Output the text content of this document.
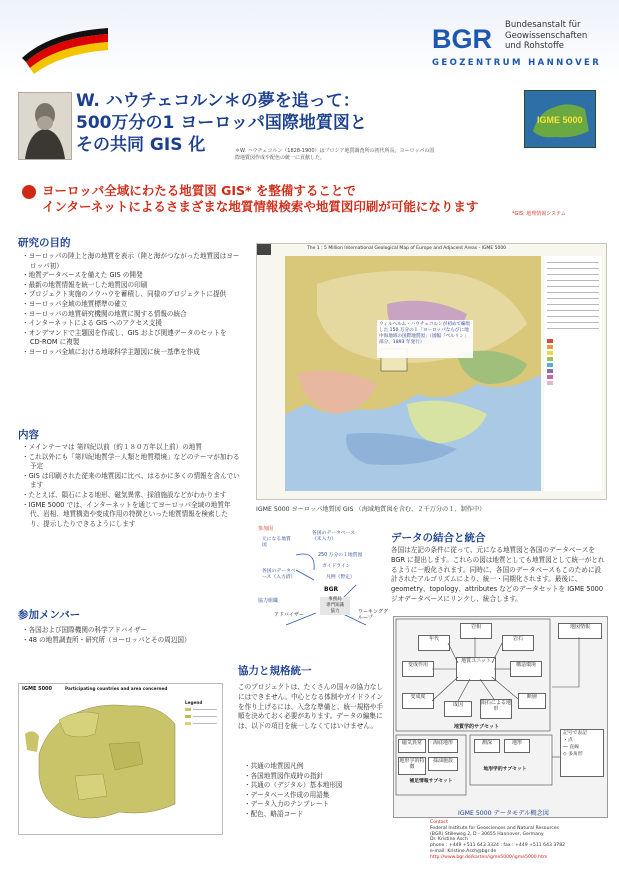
BGR Bundesanstalt für
Geowissenschaften
und Rohstoffe
GEOZENTRUM HANNOVER
W. ハウチェコルン＊の夢を追って：
500万分の1 ヨーロッパ国際地質図と
その共同 GIS 化	＊W. ハウチェコルン（1828-1900）はプロシア地質調査所の初代所長。ヨーロッパの国際地質図作成や配色の統一に貢献した。
IGME 5000
ヨーロッパ全域にわたる地質図 GIS* を整備することで
インターネットによるさまざまな地質情報検索や地質図印刷が可能になります	*GIS: 地理情報システム
研究の目的
・ ヨーロッパの陸上と海の地質を表示（陸と海がつながった地質図はヨーロッパ初）
・ 地質データベースを備えた GIS の開発
・ 最新の地質情報を統一した地質図の印刷
・ プロジェクト実施のノウハウを蓄積し、同様のプロジェクトに提供
・ ヨーロッパ全域の地質標準の確立
・ ヨーロッパの地質研究機関の地質に関する情報の統合
・ インターネットによる GIS へのアクセス支援
・ オンデマンドで主題図を作成し、GIS および関連データのセットを CD-ROM に複製
・ ヨーロッパ全域における地球科学主題図に統一基準を作成
内容
・ メインテーマは 第四紀以前（約１８０万年以上前）の地質
・ これ以外にも「第四紀地質学－人類と地質環境」などのテーマが加わる予定
・ GIS は印刷された従来の地質図に比べ、はるかに多くの情報を含んでいます
・ たとえば、隕石による地形、磁気異常、採油施設などがわかります
・ IGME 5000 では、インターネットを通じてヨーロッパ全域の地質年代、岩相、地質構造や变成作用の特徴といった地質情報を検索したり、提示したりできるようにします
参加メンバー
・ 各国および国際機関の科学アドバイザー
・ 48 の地質調査所・研究所（ヨーロッパとその周辺国）
The 1 : 5 Million International Geological Map of Europe and Adjacent Areas - IGME 5000
ウィルヘルム・ハウチェコルンが初めて編集した 150 万分の１「ヨーロッパならびに地中海地域の国際地質図」（図幅「ベルリン」部分、1893 年発行）
IGME 5000 ヨーロッパ地質図 GIS （海域地質図を含む、２千万分の１、制作中）
参加国
協力組織
元になる地質図
各国のデータベース（入力済）
各国のデータベース（未入力）
250 万分の１地質図
ガイドライン
凡例（暫定）
BGR
事務局
専門知識
協力
アドバイザー	ワーキンググループ
データの結合と統合
各国は左記の条件に従って、元になる地質図と各国のデータベースを BGR に提出します。これらの図は地質としても地質図として統一がとれるように一般化されます。同時に、各国のデータベースもこのために設計されたアルゴリズムにより、統一・同期化されます。最後に、geometry、topology、attributes などのデータセットを IGME 5000 ジオデータベースにリンクし、統合します。
協力と規格統一
このプロジェクトは、たくさんの国々の協力なしにはできません。中心となる体制やガイドラインを作り上げるには、入念な準備と、統一規格や手順を決めておく必要があります。データの編集には、以下の項目を統一しなくてはいけません。
・ 共通の地質図凡例
・ 各国地質図作成時の指針
・ 共通の（デジタル）基本地形図
・ データベース作成の用語集
・ データ入力のテンプレート
・ 配色、略語コード
IGME 5000	Participating countries and area concerned
Legend
年代
岩相
岩石
变成作用
地質ユニット
構造環境
变成度
成因	隕石による地形
断層
地図情報
地質学的サブセット
磁気異常	海底地形
地形学的特徴
採油施設
補足情報サブセット
測深	地形
地形学的サブセット
記号で表記
・点
― 直線
◇ 多角形
IGME 5000 データモデル概念図
Contact
Federal Institute for Geosciences and Natural Resources
(BGR) Stilleweg 2, D - 30655 Hannover, Germany
Dr. Kristine Asch
phone : +449 +511 643 3324 : fax : +449 +511 643 3782
e-mail: Kristine.Asch@bgr.de
http://www.bgr.de/karten/igme5000/igme5000.htm
